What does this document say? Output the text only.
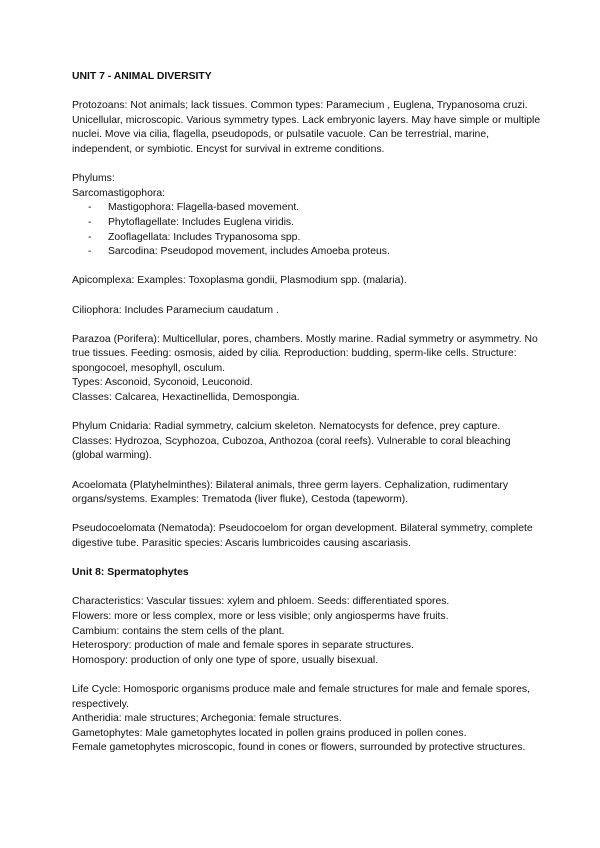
UNIT 7 - ANIMAL DIVERSITY

Protozoans: Not animals; lack tissues. Common types: Paramecium , Euglena, Trypanosoma cruzi. Unicellular, microscopic. Various symmetry types. Lack embryonic layers. May have simple or multiple nuclei. Move via cilia, flagella, pseudopods, or pulsatile vacuole. Can be terrestrial, marine, independent, or symbiotic. Encyst for survival in extreme conditions.

Phylums:

Sarcomastigophora:

- Mastigophora: Flagella-based movement.
- Phytoflagellate: Includes Euglena viridis.
- Zooflagellata: Includes Trypanosoma spp.
- Sarcodina: Pseudopod movement, includes Amoeba proteus.

Apicomplexa: Examples: Toxoplasma gondii, Plasmodium spp. (malaria).

Ciliophora: Includes Paramecium caudatum .

Parazoa (Porifera): Multicellular, pores, chambers. Mostly marine. Radial symmetry or asymmetry. No true tissues. Feeding: osmosis, aided by cilia. Reproduction: budding, sperm-like cells. Structure: spongocoel, mesophyll, osculum.

Types: Asconoid, Syconoid, Leuconoid.

Classes: Calcarea, Hexactinellida, Demospongia.

Phylum Cnidaria: Radial symmetry, calcium skeleton. Nematocysts for defence, prey capture. Classes: Hydrozoa, Scyphozoa, Cubozoa, Anthozoa (coral reefs). Vulnerable to coral bleaching (global warming).

Acoelomata (Platyhelminthes): Bilateral animals, three germ layers. Cephalization, rudimentary organs/systems. Examples: Trematoda (liver fluke), Cestoda (tapeworm).

Pseudocoelomata (Nematoda): Pseudocoelom for organ development. Bilateral symmetry, complete digestive tube. Parasitic species: Ascaris lumbricoides causing ascariasis.

Unit 8: Spermatophytes

Characteristics: Vascular tissues: xylem and phloem. Seeds: differentiated spores.

Flowers: more or less complex, more or less visible; only angiosperms have fruits.

Cambium: contains the stem cells of the plant.

Heterospory: production of male and female spores in separate structures.

Homospory: production of only one type of spore, usually bisexual.

Life Cycle: Homosporic organisms produce male and female structures for male and female spores, respectively.

Antheridia: male structures; Archegonia: female structures.

Gametophytes: Male gametophytes located in pollen grains produced in pollen cones.

Female gametophytes microscopic, found in cones or flowers, surrounded by protective structures.
